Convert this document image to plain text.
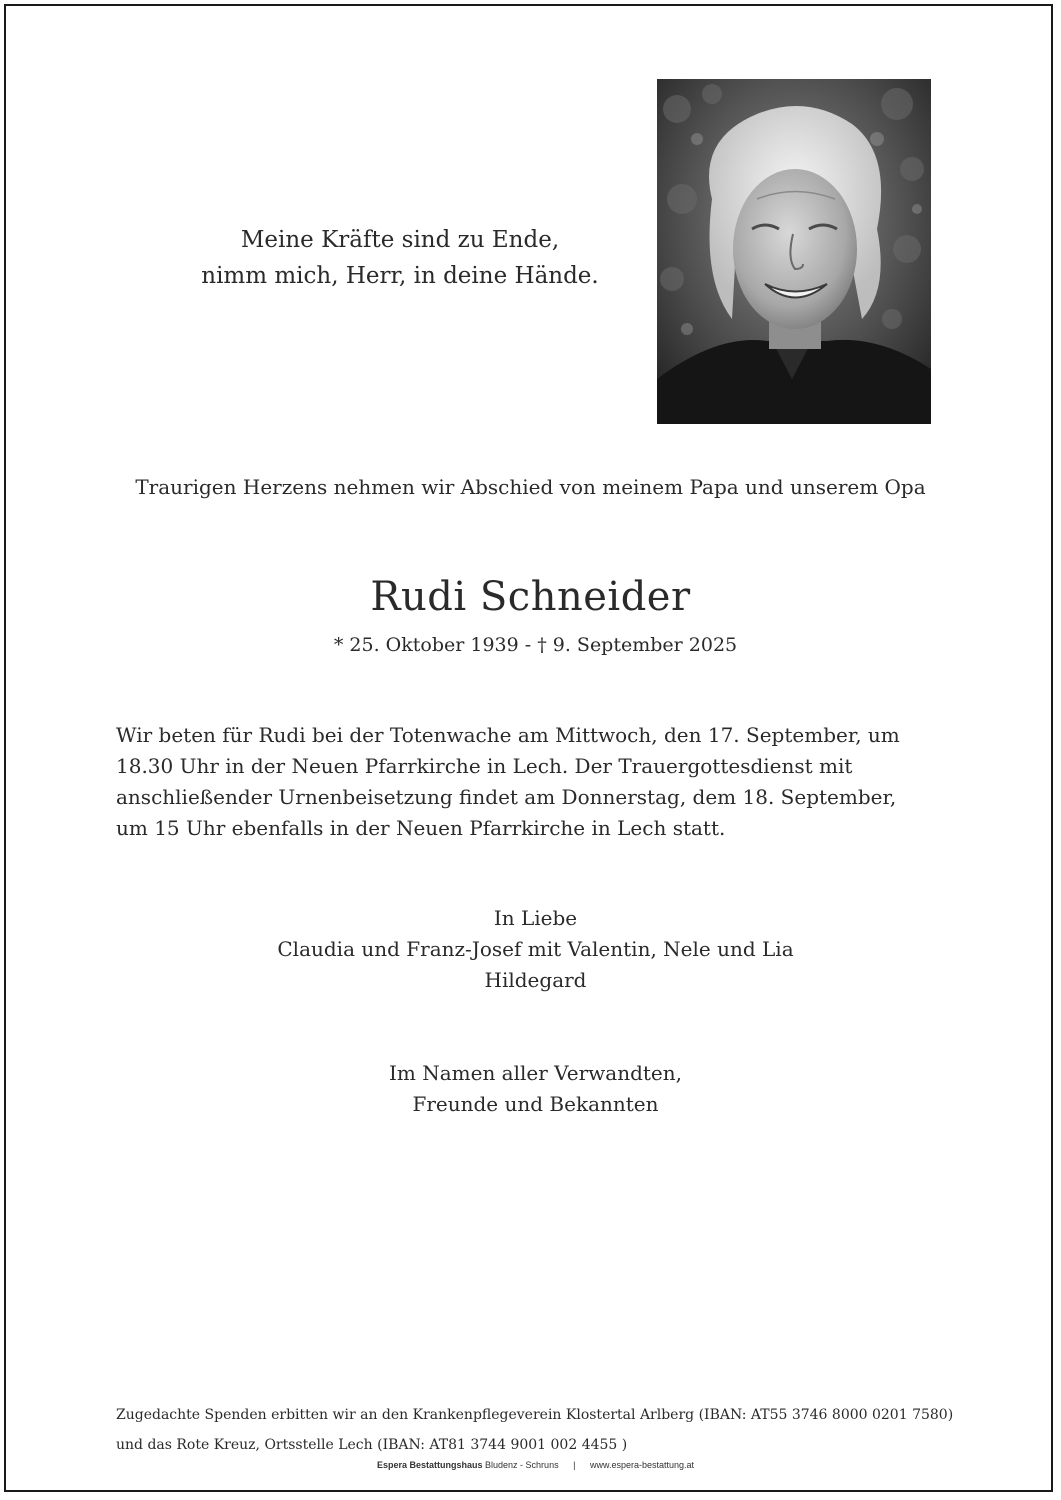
Meine Kräfte sind zu Ende,
nimm mich, Herr, in deine Hände.
Traurigen Herzens nehmen wir Abschied von meinem Papa und unserem Opa
Rudi Schneider
* 25. Oktober 1939 - † 9. September 2025
Wir beten für Rudi bei der Totenwache am Mittwoch, den 17. September, um
18.30 Uhr in der Neuen Pfarrkirche in Lech. Der Trauergottesdienst mit
anschließender Urnenbeisetzung findet am Donnerstag, dem 18. September,
um 15 Uhr ebenfalls in der Neuen Pfarrkirche in Lech statt.
In Liebe
Claudia und Franz-Josef mit Valentin, Nele und Lia
Hildegard
Im Namen aller Verwandten,
Freunde und Bekannten
Zugedachte Spenden erbitten wir an den Krankenpflegeverein Klostertal Arlberg (IBAN: AT55 3746 8000 0201 7580)
und das Rote Kreuz, Ortsstelle Lech (IBAN: AT81 3744 9001 002 4455 )
Espera Bestattungshaus Bludenz - Schruns | www.espera-bestattung.at
